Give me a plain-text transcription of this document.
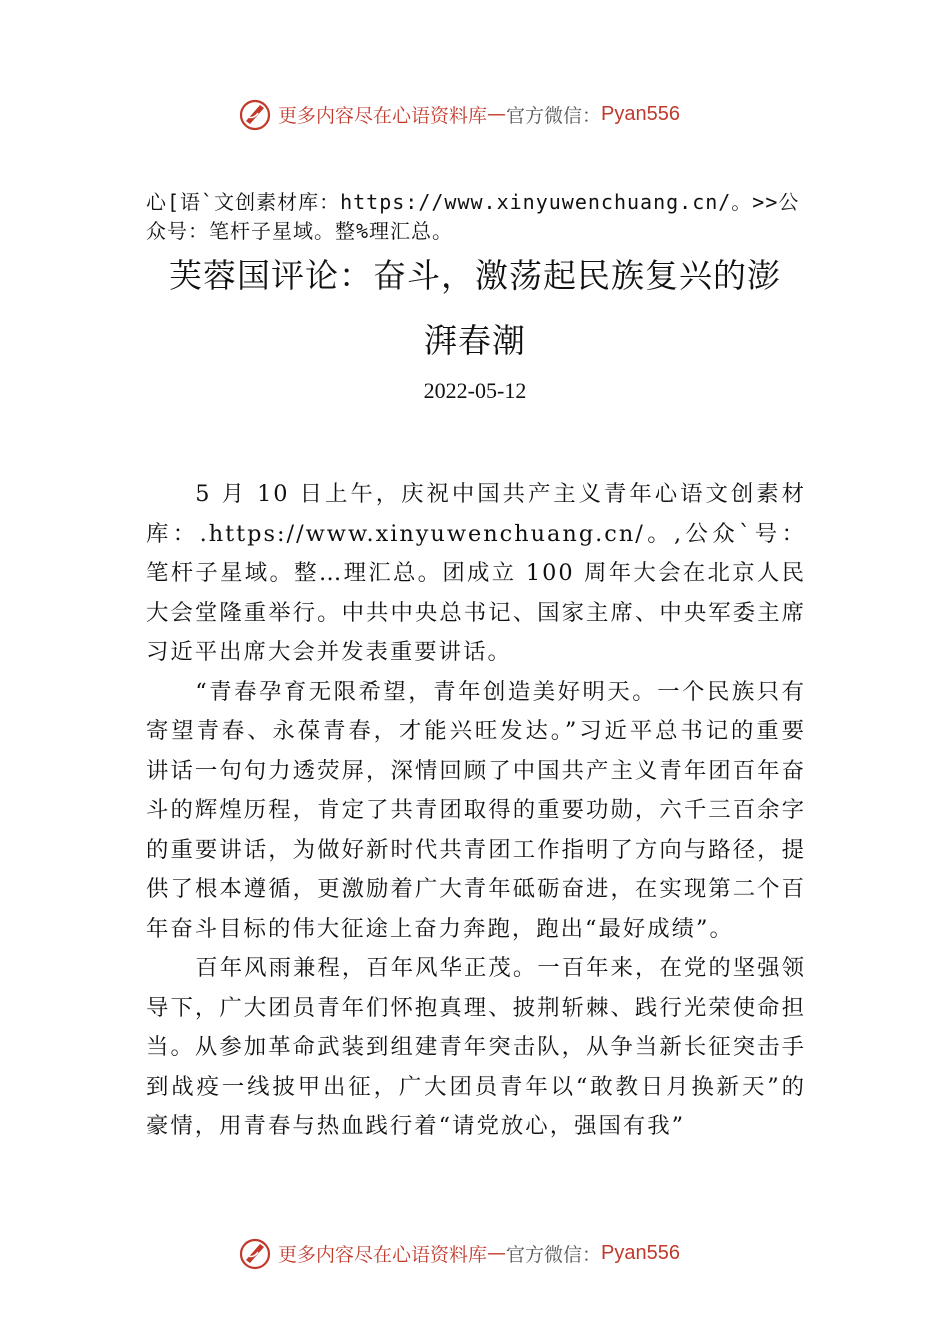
更多内容尽在心语资料库 — 官方微信： Pyan556
心[语`文创素材库：https://www.xinyuwenchuang.cn/。>>公
众号：笔杆子星域。整%理汇总。
芙蓉国评论：奋斗，激荡起民族复兴的澎
湃春潮
2022-05-12

5 月 10 日上午，庆祝中国共产主义青年心语文创素材库：.https://www.xinyuwenchuang.cn/。,公众`号：笔杆子星域。整…理汇总。团成立 100 周年大会在北京人民大会堂隆重举行。中共中央总书记、国家主席、中央军委主席习近平出席大会并发表重要讲话。

“青春孕育无限希望，青年创造美好明天。一个民族只有寄望青春、永葆青春，才能兴旺发达。”习近平总书记的重要讲话一句句力透荧屏，深情回顾了中国共产主义青年团百年奋斗的辉煌历程，肯定了共青团取得的重要功勋，六千三百余字的重要讲话，为做好新时代共青团工作指明了方向与路径，提供了根本遵循，更激励着广大青年砥砺奋进，在实现第二个百年奋斗目标的伟大征途上奋力奔跑，跑出“最好成绩”。

百年风雨兼程，百年风华正茂。一百年来，在党的坚强领导下，广大团员青年们怀抱真理、披荆斩棘、践行光荣使命担当。从参加革命武装到组建青年突击队，从争当新长征突击手到战疫一线披甲出征，广大团员青年以“敢教日月换新天”的豪情，用青春与热血践行着“请党放心，强国有我”

更多内容尽在心语资料库 — 官方微信： Pyan556
